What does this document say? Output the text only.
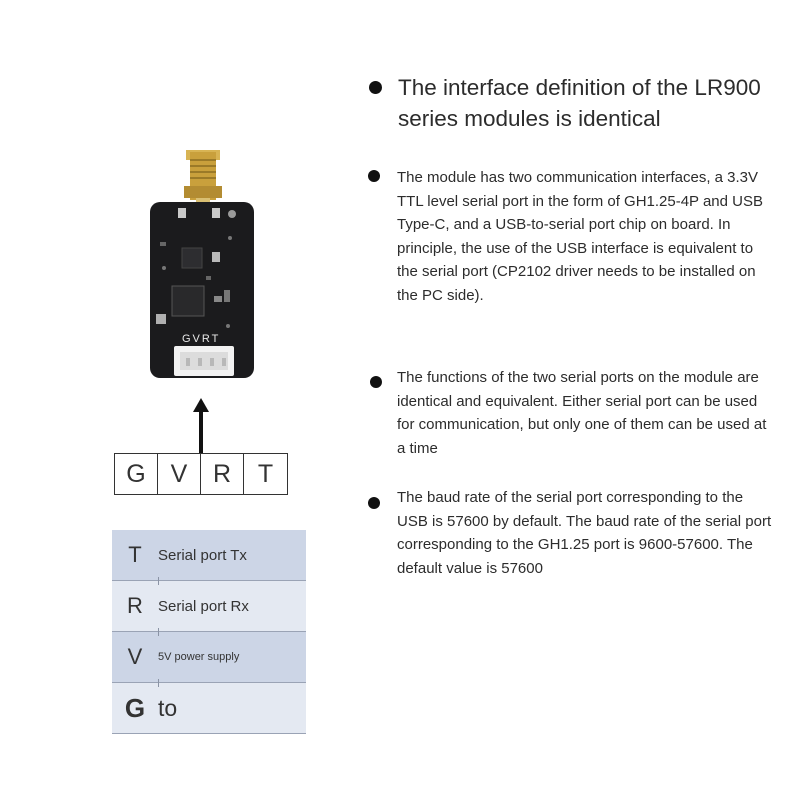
GVRT
G V	R	T
T	Serial port Tx
R	Serial port Rx
V	5V power supply
G to
The interface definition of the LR900 series modules is identical
The module has two communication interfaces, a 3.3V TTL level serial port in the form of GH1.25-4P and USB Type-C, and a USB-to-serial port chip on board. In principle, the use of the USB interface is equivalent to the serial port (CP2102 driver needs to be installed on the PC side).
The functions of the two serial ports on the module are identical and equivalent. Either serial port can be used for communication, but only one of them can be used at a time
The baud rate of the serial port corresponding to the USB is 57600 by default. The baud rate of the serial port corresponding to the GH1.25 port is 9600-57600. The default value is 57600
